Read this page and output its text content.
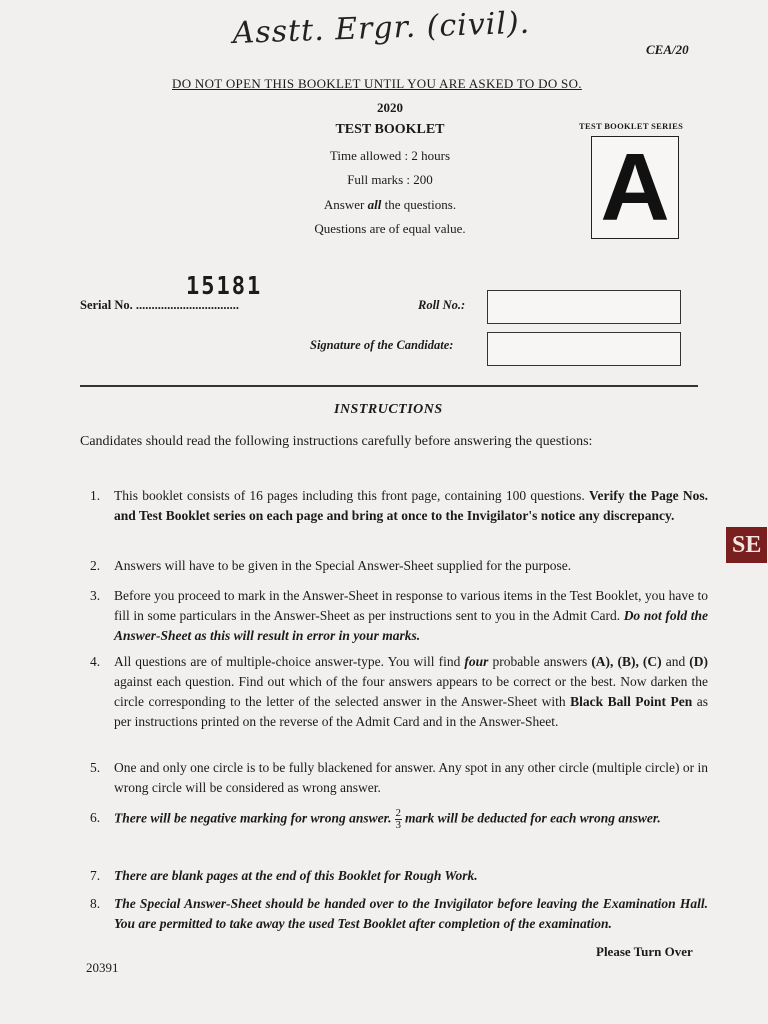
Asstt. Ergr. (civil).	CEA/20
DO NOT OPEN THIS BOOKLET UNTIL YOU ARE ASKED TO DO SO.
2020
TEST BOOKLET
Time allowed : 2 hours
Full marks : 200
Answer all the questions.
Questions are of equal value.
TEST BOOKLET SERIES
A
Serial No. .................................
15181
Roll No.:
Signature of the Candidate:
INSTRUCTIONS
Candidates should read the following instructions carefully before answering the questions:
1.	This booklet consists of 16 pages including this front page, containing 100 questions. Verify the Page Nos. and Test Booklet series on each page and bring at once to the Invigilator's notice any discrepancy.
2.	Answers will have to be given in the Special Answer-Sheet supplied for the purpose.
3.	Before you proceed to mark in the Answer-Sheet in response to various items in the Test Booklet, you have to fill in some particulars in the Answer-Sheet as per instructions sent to you in the Admit Card. Do not fold the Answer-Sheet as this will result in error in your marks.
4.	All questions are of multiple-choice answer-type. You will find four probable answers (A), (B), (C) and (D) against each question. Find out which of the four answers appears to be correct or the best. Now darken the circle corresponding to the letter of the selected answer in the Answer-Sheet with Black Ball Point Pen as per instructions printed on the reverse of the Admit Card and in the Answer-Sheet.
5.	One and only one circle is to be fully blackened for answer. Any spot in any other circle (multiple circle) or in wrong circle will be considered as wrong answer.
6.	There will be negative marking for wrong answer. $\frac{2}{3}$ mark will be deducted for each wrong answer.
7.	There are blank pages at the end of this Booklet for Rough Work.
8.	The Special Answer-Sheet should be handed over to the Invigilator before leaving the Examination Hall. You are permitted to take away the used Test Booklet after completion of the examination.
20391
Please Turn Over
SE
